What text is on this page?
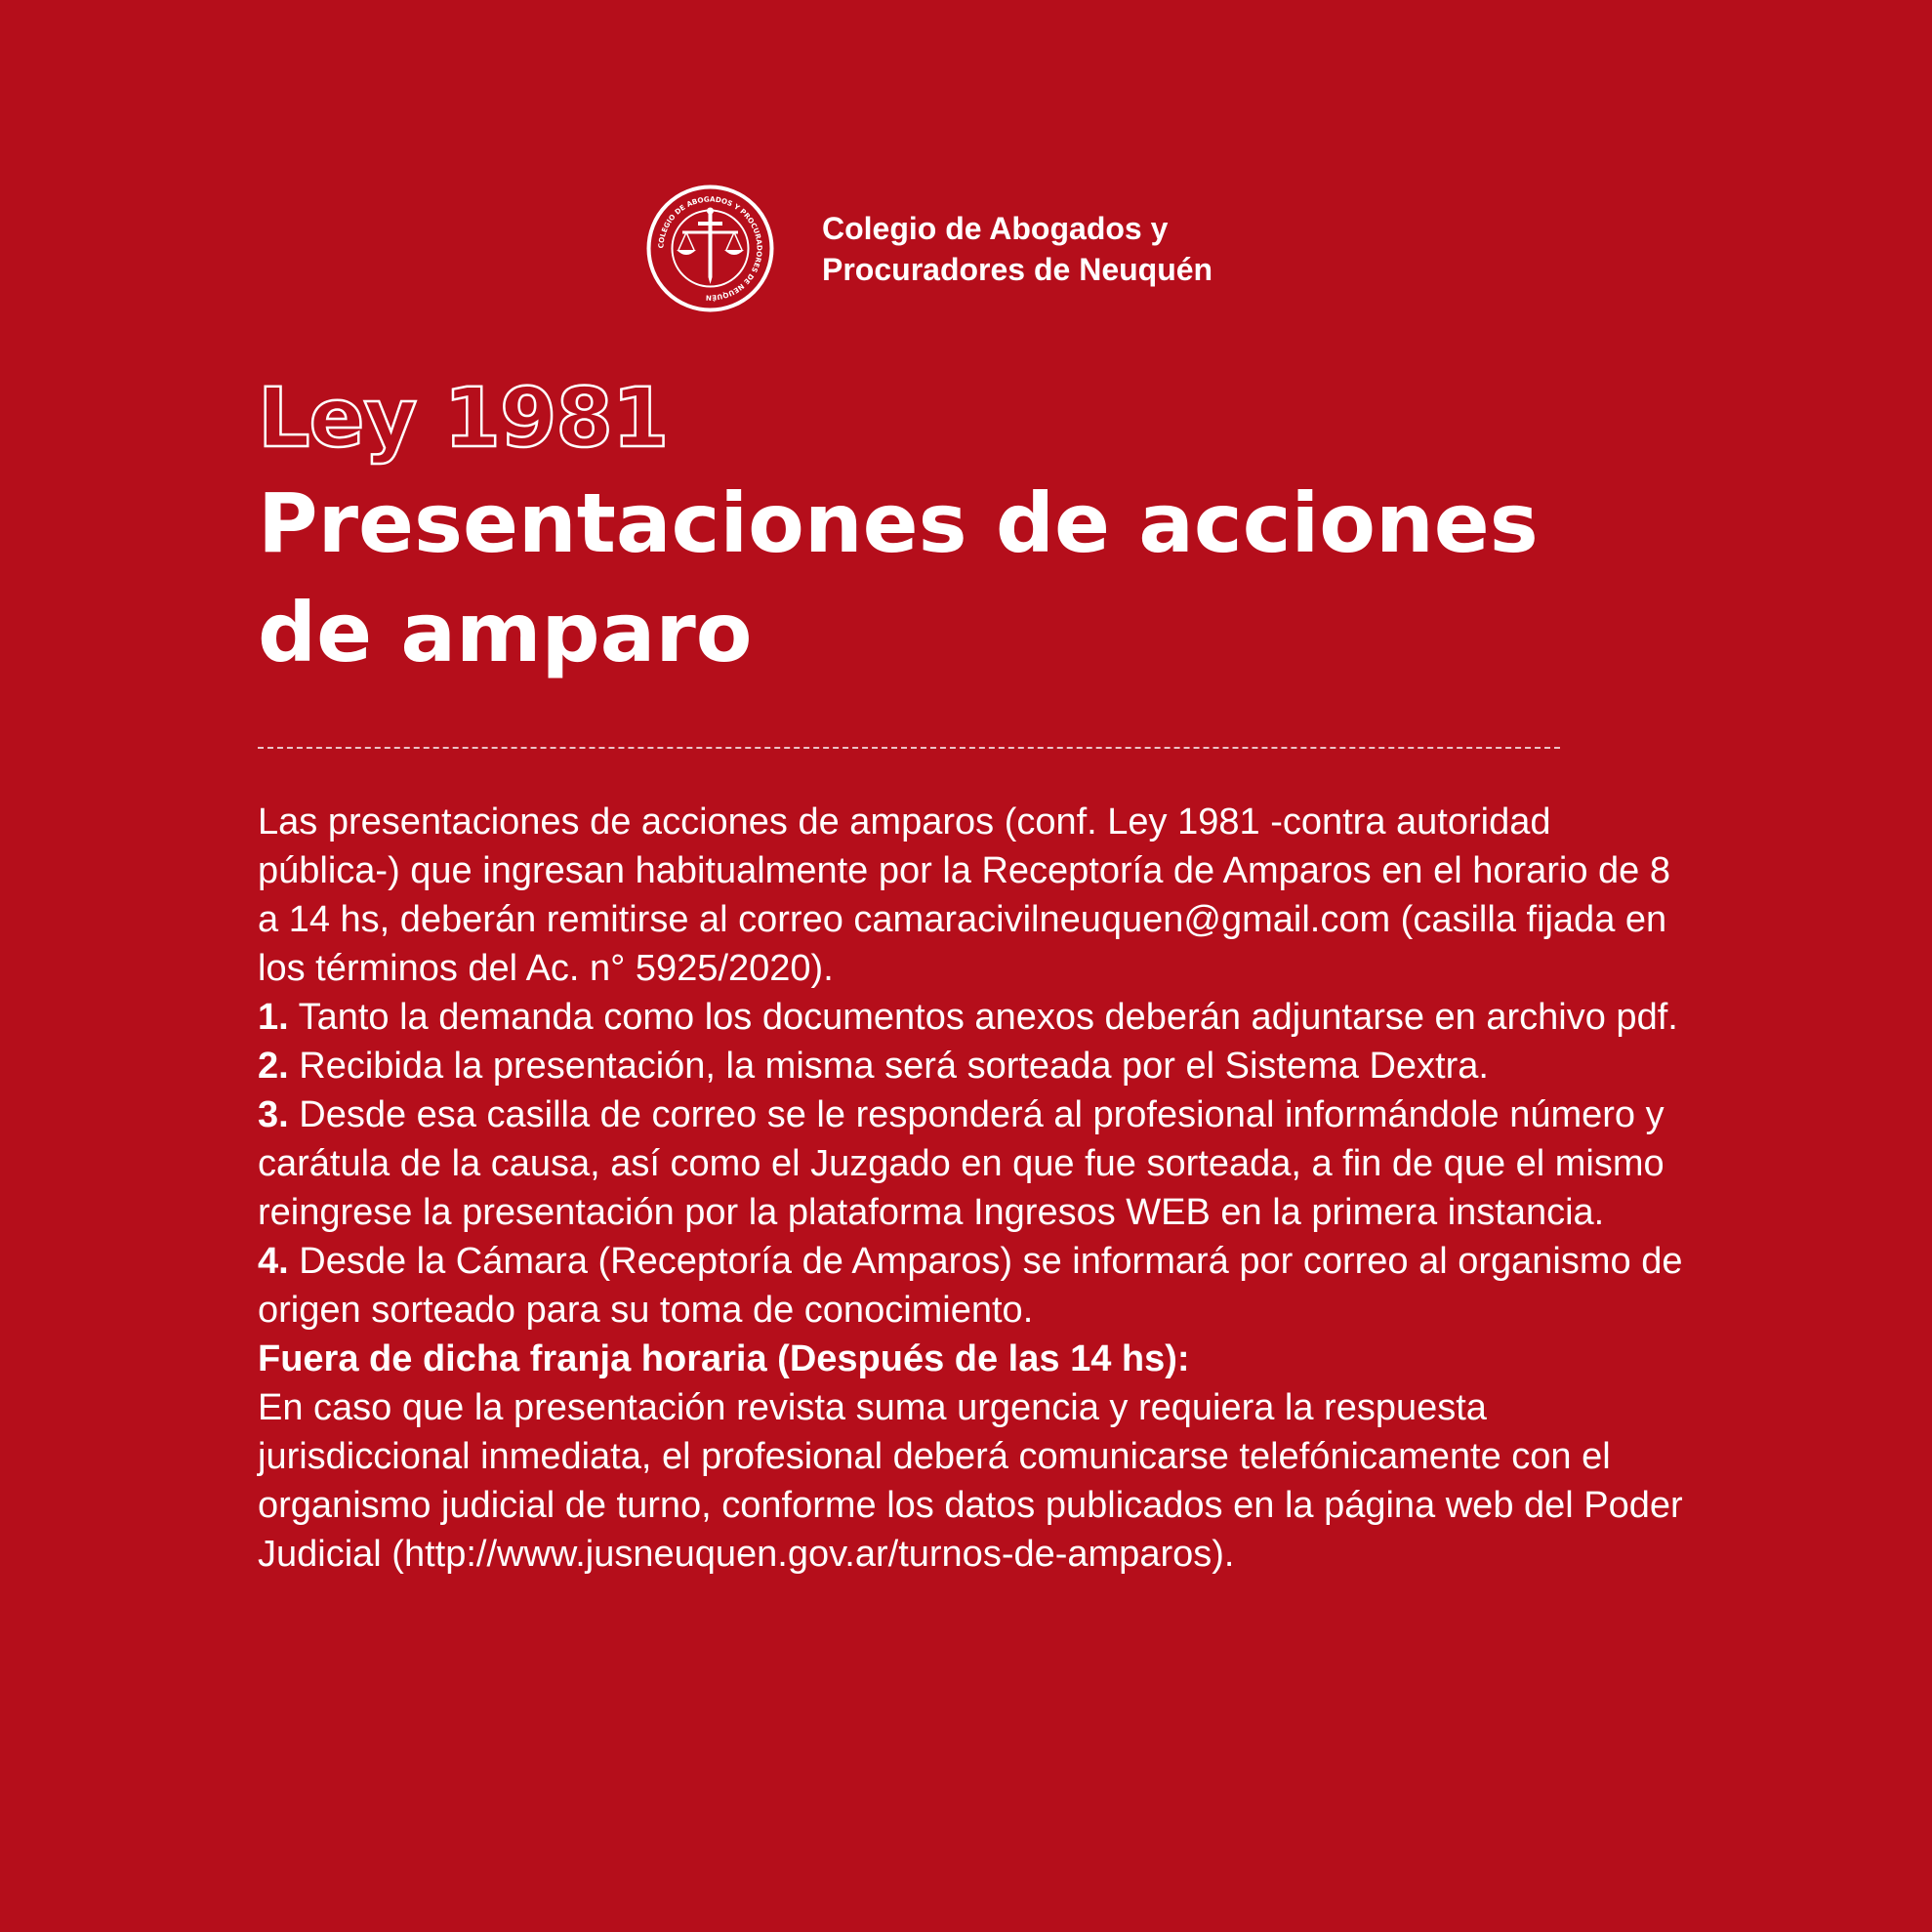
COLEGIO DE ABOGADOS Y PROCURADORES DE NEUQUÉN
Colegio de Abogados y
Procuradores de Neuquén
Ley 1981
Presentaciones de acciones de amparo

Las presentaciones de acciones de amparos (conf. Ley 1981 -contra autoridad pública-) que ingresan habitualmente por la Receptoría de Amparos en el horario de 8 a 14 hs, deberán remitirse al correo camaracivilneuquen@gmail.com (casilla fijada en los términos del Ac. n° 5925/2020).

1. Tanto la demanda como los documentos anexos deberán adjuntarse en archivo pdf.

2. Recibida la presentación, la misma será sorteada por el Sistema Dextra.

3. Desde esa casilla de correo se le responderá al profesional informándole número y carátula de la causa, así como el Juzgado en que fue sorteada, a fin de que el mismo reingrese la presentación por la plataforma Ingresos WEB en la primera instancia.

4. Desde la Cámara (Receptoría de Amparos) se informará por correo al organismo de origen sorteado para su toma de conocimiento.

Fuera de dicha franja horaria (Después de las 14 hs):

En caso que la presentación revista suma urgencia y requiera la respuesta jurisdiccional inmediata, el profesional deberá comunicarse telefónicamente con el organismo judicial de turno, conforme los datos publicados en la página web del Poder Judicial (http://www.jusneuquen.gov.ar/turnos-de-amparos).
